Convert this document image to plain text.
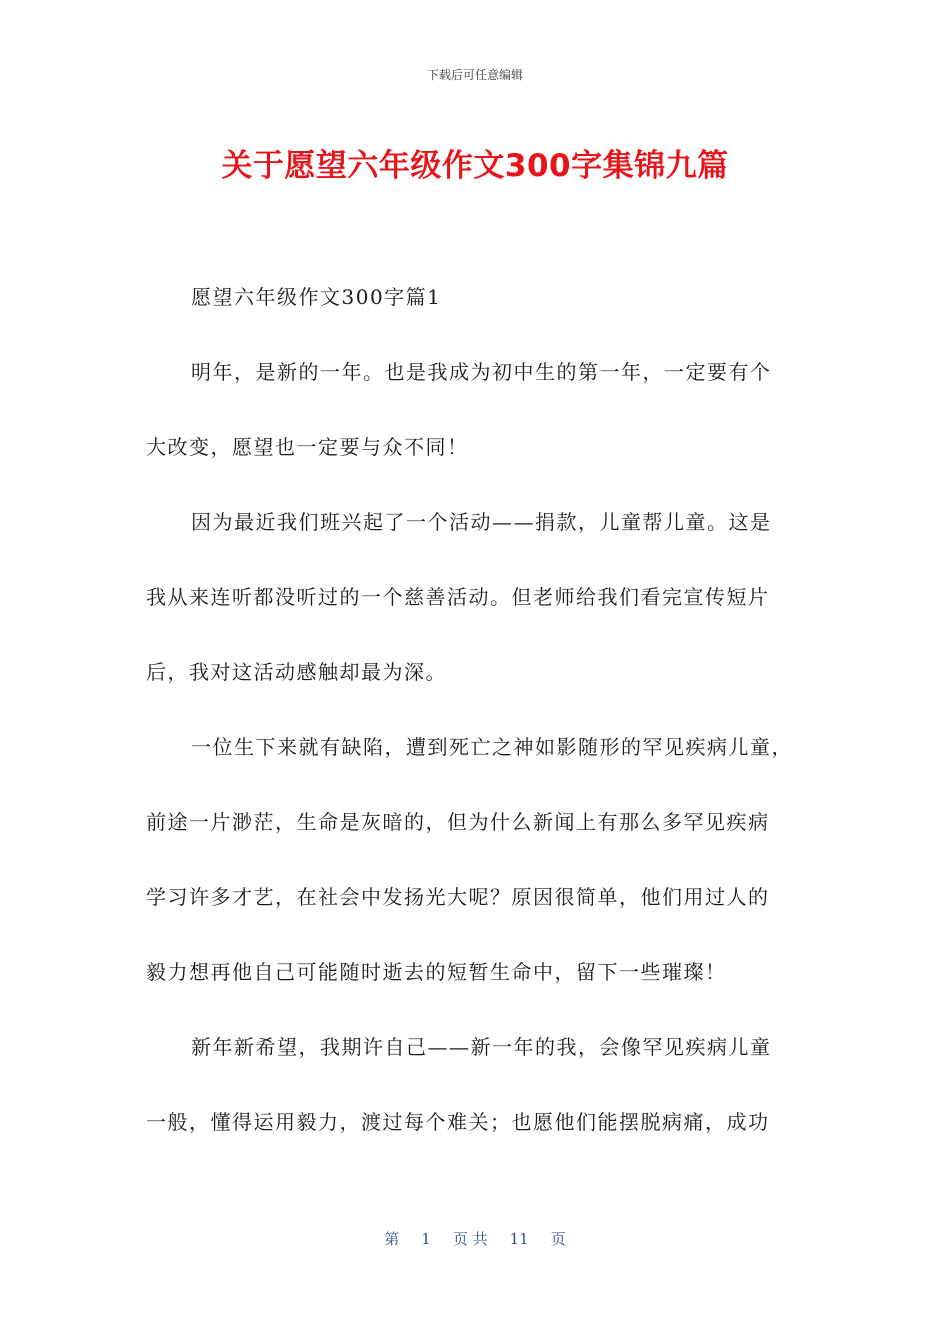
下载后可任意编辑
关于愿望六年级作文300字集锦九篇
愿望六年级作文300字篇1
明年，是新的一年。也是我成为初中生的第一年，一定要有个
大改变，愿望也一定要与众不同！
因为最近我们班兴起了一个活动——捐款，儿童帮儿童。这是
我从来连听都没听过的一个慈善活动。但老师给我们看完宣传短片
后，我对这活动感触却最为深。
一位生下来就有缺陷，遭到死亡之神如影随形的罕见疾病儿童，
前途一片渺茫，生命是灰暗的，但为什么新闻上有那么多罕见疾病
学习许多才艺，在社会中发扬光大呢？原因很简单，他们用过人的
毅力想再他自己可能随时逝去的短暂生命中，留下一些璀璨！
新年新希望，我期许自己——新一年的我，会像罕见疾病儿童
一般，懂得运用毅力，渡过每个难关；也愿他们能摆脱病痛，成功
第 1 页 共 11 页
